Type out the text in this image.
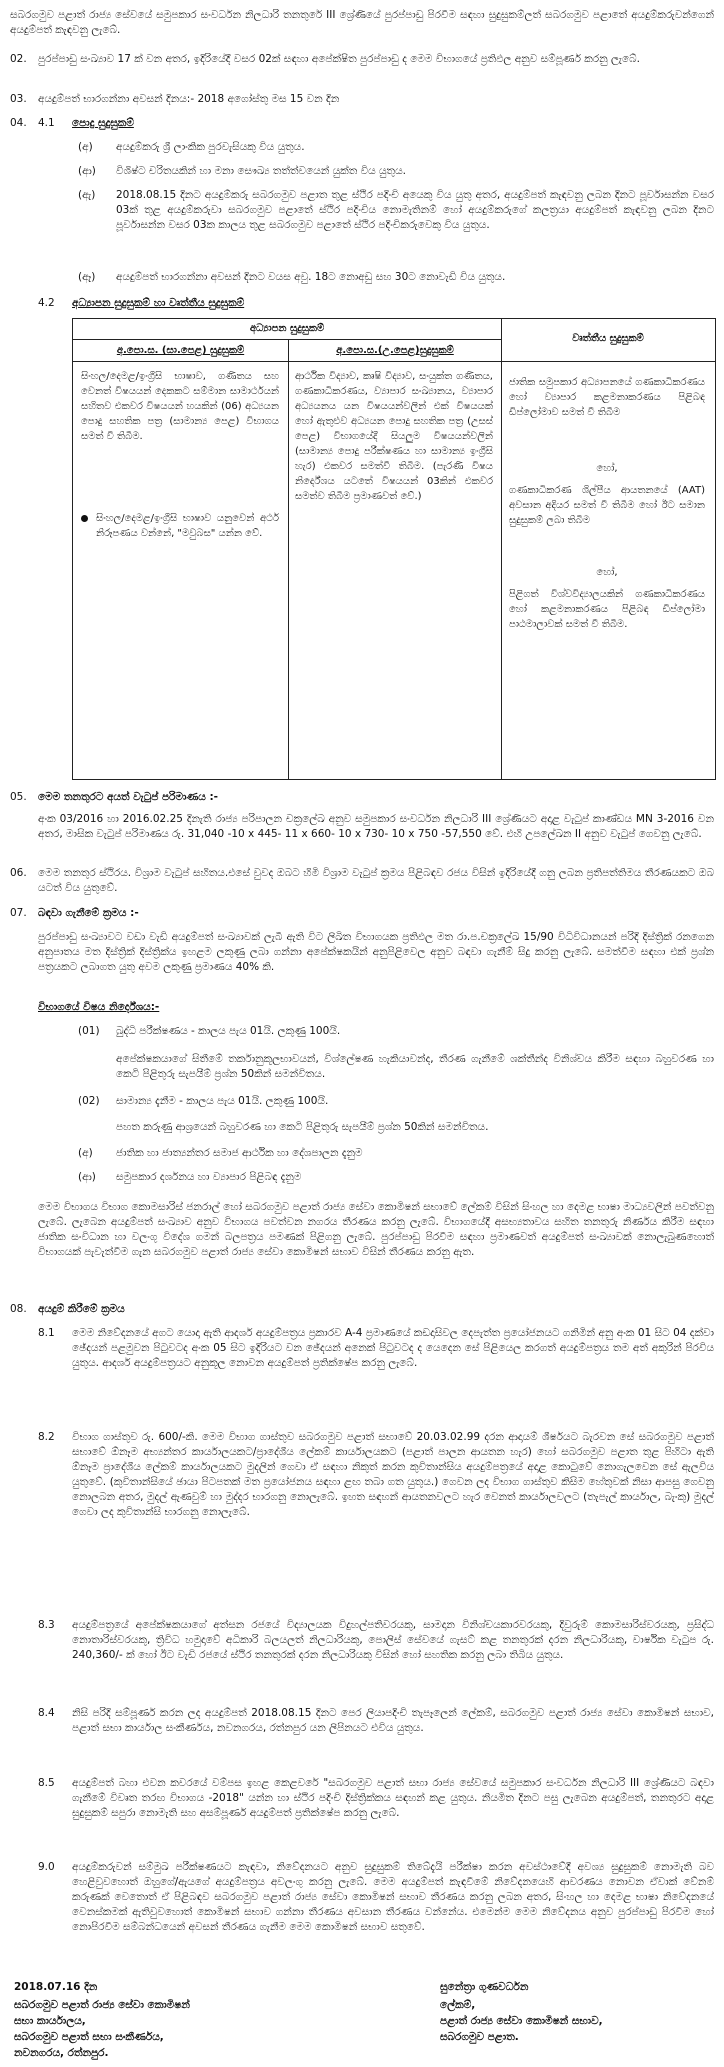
සබරගමුව පළාත් රාජ්‍ය සේවයේ සමුපකාර සංවර්ධන නිලධාරි තනතුරේ III ශ්‍රේණියේ පුරප්පාඩු පිරවීම සඳහා සුදුසුකම්ලත් සබරගමුව පළාතේ අයදුම්කරුවන්ගෙන් අයදුම්පත් කැඳවනු ලැබේ.
02. පුරප්පාඩු සංඛ්‍යාව 17 ක් වන අතර, ඉදිරියේදී වසර 02ක් සඳහා අපේක්ෂිත පුරප්පාඩු ද මෙම විභාගයේ ප්‍රතිඵල අනුව සම්පූර්ණ කරනු ලැබේ.
03. අයදුම්පත් භාරගන්නා අවසන් දිනය:- 2018 අගෝස්තු මස 15 වන දින
04. 4.1 පොදු සුදුසුකම්
(අ) අයදුම්කරු ශ්‍රී ලාංකික පුරවැසියකු විය යුතුය.
(ආ) විශිෂ්ට චරිතයකින් හා මනා සෞඛ්‍ය තත්ත්වයෙන් යුක්ත විය යුතුය.
(ඇ) 2018.08.15 දිනට අයදුම්කරු සබරගමුව පළාත තුළ ස්ථිර පදිංචි අයෙකු විය යුතු අතර, අයදුම්පත් කැඳවනු ලබන දිනට පූර්වාසන්න වසර 03ක් තුළ අයදුම්කරුවා සබරගමුව පළාතේ ස්ථිර පදිංචිය නොමැතිනම් හෝ අයදුම්කරුගේ කලත්‍රයා අයදුම්පත් කැඳවනු ලබන දිනට පූර්වාසන්න වසර 03ක කාලය තුළ සබරගමුව පළාතේ ස්ථිර පදිංචිකරුවෙකු විය යුතුය.
(ඈ) අයදුම්පත් භාරගන්නා අවසන් දිනට වයස අවු. 18ට නොඅඩු සහ 30ට නොවැඩි විය යුතුය.
4.2 අධ්‍යාපන සුදුසුකම් හා වෘත්තීය සුදුසුකම්
අධ්‍යාපන සුදුසුකම්
වෘත්තීය සුදුසුකම්
අ.පො.ස. (සා.පෙළ) සුදුසුකම්	අ.පො.ස.(උ.පෙළ)සුදුසුකම්
සිංහල/දෙමළ/ඉංග්‍රීසි භාෂාව, ගණිතය සහ වෙනත් විෂයයන් දෙකකට සම්මාන සාමාර්ථයන් සහිතව එකවර විෂයයන් හයකින් (06) අධ්‍යයන පොදු සහතික පත්‍ර (සාමාන්‍ය පෙළ) විභාගය සමත් වී තිබීම.
සිංහල/දෙමළ/ඉංග්‍රීසි භාෂාව යනුවෙන් අර්ථ නිරූපණය වන්නේ, "මවුබස" යන්න වේ.
ආර්ථික විද්‍යාව, කෘෂි විද්‍යාව, සංයුක්ත ගණිතය, ගණකාධිකරණය, ව්‍යාපාර සංඛ්‍යානය, ව්‍යාපාර අධ්‍යයනය යන විෂයයන්වලින් එක් විෂයයක් හෝ ඇතුළුව අධ්‍යයන පොදු සහතික පත්‍ර (උසස් පෙළ) විභාගයේදී සියලුම විෂයයන්වලින් (සාමාන්‍ය පොදු පරීක්ෂණය හා සාමාන්‍ය ඉංග්‍රීසි හැර) එකවර සමත්වී තිබීම. (පැරණි විෂය නිර්දේශය යටතේ විෂයයන් 03කින් එකවර සමත්ව තිබීම ප්‍රමාණවත් වේ.)
ජාතික සමුපකාර අධ්‍යාපනයේ ගණකාධිකරණය හෝ ව්‍යාපාර කළමනාකරණය පිළිබඳ ඩිප්ලෝමාව සමත් වී තිබීම
හෝ,
ගණකාධිකරණ ශිල්පීය ආයතනයේ (AAT) අවසාන අදියර සමත් වී තිබීම හෝ ඊට සමාන සුදුසුකම් ලබා තිබීම
හෝ,
පිළිගත් විශ්වවිද්‍යාලයකින් ගණකාධිකරණය හෝ කළමනාකරණය පිළිබඳ ඩිප්ලෝමා පාඨමාලාවක් සමත් වී තිබීම.
05. මෙම තනතුරට අයත් වැටුප් පරිමාණය :-
අංක 03/2016 හා 2016.02.25 දිනැති රාජ්‍ය පරිපාලන චක්‍රලේඛ අනුව සමුපකාර සංවර්ධන නිලධාරි III ශ්‍රේණියට අදාළ වැටුප් කාණ්ඩය MN 3-2016 වන අතර, මාසික වැටුප් පරිමාණය රු. 31,040 -10 x 445- 11 x 660- 10 x 730- 10 x 750 -57,550 වේ. එහි උපලේඛන II අනුව වැටුප් ගෙවනු ලැබේ.
06. මෙම තනතුර ස්ථිරය. විශ්‍රාම වැටුප් සහිතය.එසේ වුවද ඔබට හිමි විශ්‍රාම වැටුප් ක්‍රමය පිළිබඳව රජය විසින් ඉදිරියේදී ගනු ලබන ප්‍රතිපත්තිමය තීරණයකට ඔබ යටත් විය යුතුවේ.
07. බඳවා ගැනීමේ ක්‍රමය :-
පුරප්පාඩු සංඛ්‍යාවට වඩා වැඩි අයදුම්පත් සංඛ්‍යාවක් ලැබී ඇති විට ලිඛිත විභාගයක ප්‍රතිඵල මත රා.ප.චක්‍රලේඛ 15/90 විධිවිධානයන් පරිදි දිස්ත්‍රික් රනගෙන අනුපාතය මත දිස්ත්‍රික් දිස්ත්‍රික්ය ඉහළම ලකුණු ලබා ගන්නා අපේක්ෂකයින් අනුපිළිවෙල අනුව බඳවා ගැනීම් සිදු කරනු ලැබේ. සමත්වීම සඳහා එක් ප්‍රශ්න පත්‍රයකට ලබාගත යුතු අවම ලකුණු ප්‍රමාණය 40% කි.
විභාගයේ විෂය නිර්දේශය:-
(01) බුද්ධි පරීක්ෂණය - කාලය පැය 01යි. ලකුණු 100යි.
අපේක්ෂකයාගේ සිතීමේ තර්කානුකූලභාවයන්, විශ්ලේෂණ හැකියාවන්ද, තීරණ ගැනීමේ ශක්තීන්ද විනිශ්චය කිරීම සඳහා බහුවරණ හා කෙටි පිළිතුරු සැපයීම් ප්‍රශ්න 50කින් සමන්විතය.
(02) සාමාන්‍ය දැනීම - කාලය පැය 01යි. ලකුණු 100යි.
පහත කරුණු ආශ්‍රයෙන් බහුවරණ හා කෙටි පිළිතුරු සැපයීම් ප්‍රශ්න 50කින් සමන්විතය.
(අ) ජාතික හා ජාත්‍යන්තර සමාජ ආර්ථික හා දේශපාලන දැනුම
(ආ) සමුපකාර දර්ශනය හා ව්‍යාපාර පිළිබඳ දැනුම
මෙම විභාගය විභාග කොමසාරිස් ජනරාල් හෝ සබරගමුව පළාත් රාජ්‍ය සේවා කොමිෂන් සභාවේ ලේකම් විසින් සිංහල හා දෙමළ භාෂා මාධ්‍යවලින් පවත්වනු ලැබේ. ලැබෙන අයදුම්පත් සංඛ්‍යාව අනුව විභාගය පවත්වන නගරය තීරණය කරනු ලැබේ. විභාගයේදී අසභ්‍යතාවය සහිත තනතුරු නිර්ණය කිරීම සඳහා ජාතික සංවිධාන හා වලංගු විදේශ ගමන් බලපත්‍රය පමණක් පිළිගනු ලැබේ. පුරප්පාඩු පිරවීම සඳහා ප්‍රමාණවත් අයදුම්පත් සංඛ්‍යාවක් නොලැබුණහොත් විභාගයක් පැවැත්වීම ගැන සබරගමුව පළාත් රාජ්‍ය සේවා කොමිෂන් සභාව විසින් තීරණය කරනු ඇත.
08. අයදුම් කිරීමේ ක්‍රමය
8.1 මෙම නිවේදනයේ අගට යොදා ඇති ආදර්ශ අයදුම්පත්‍රය ප්‍රකාරව A-4 ප්‍රමාණයේ කඩදාසිවල දෙපැත්ත ප්‍රයෝජනයට ගනිමින් අනු අංක 01 සිට 04 දක්වා ඡේදයන් පළමුවන පිටුවටද අංක 05 සිට ඉදිරියට වන ඡේදයන් අනෙක් පිටුවටද ද යෙදෙන සේ පිළියෙල කරගත් අයදුම්පත්‍රය තම අත් අකුරින් පිරවිය යුතුය. ආදර්ශ අයදුම්පත්‍රයට අනුකූල නොවන අයදුම්පත් ප්‍රතික්ෂේප කරනු ලැබේ.
8.2 විභාග ගාස්තුව රු. 600/-කි. මෙම විභාග ගාස්තුව සබරගමුව පළාත් සභාවේ 20.03.02.99 දරන ආදායම් ශීර්ෂයට බැරවන සේ සබරගමුව පළාත් සභාවේ ඕනෑම අභ්‍යන්තර කාර්යාලයකට/ප්‍රාදේශීය ලේකම් කාර්යාලයකට (පළාත් පාලන ආයතන හැර) හෝ සබරගමුව පළාත තුළ පිහිටා ඇති ඕනෑම ප්‍රාදේශීය ලේකම් කාර්යාලයකට මුදලින් ගෙවා ඒ සඳහා නිකුත් කරන කුවිතාන්සිය අයදුම්පත්‍රයේ අදාළ කොටුවේ නොගැලවෙන සේ ඇලවිය යුතුවේ. (කුවිතාන්සියේ ඡායා පිටපතක් මත ප්‍රයෝජනය සඳහා ළඟ තබා ගත යුතුය.) ගෙවන ලද විභාග ගාස්තුව කිසිම හේතුවක් නිසා ආපසු ගෙවනු නොලබන අතර, මුදල් ඇණවුම් හා මුද්දර භාරගනු නොලැබේ. ඉහත සඳහන් ආයතනවලට හැර වෙනත් කාර්යාලවලට (තැපැල් කාර්යාල, බැංකු) මුදල් ගෙවා ලද කුවිතාන්සි භාරගනු නොලැබේ.
8.3 අයදුම්පත්‍රයේ අපේක්ෂකයාගේ අත්සන රජයේ විද්‍යාලයක විදුහල්පතිවරයකු, සාමදාන විනිශ්චයකාරවරයකු, දිවුරුම් කොමසාරිස්වරයකු, ප්‍රසිද්ධ නොතාරිස්වරයකු, ත්‍රිවිධ හමුදාවේ අධිකාරි බලයලත් නිලධාරියකු, පොලිස් සේවයේ ගැසට් කළ තනතුරක් දරන නිලධාරියකු, වාර්ෂික වැටුප රු. 240,360/- ක් හෝ ඊට වැඩි රජයේ ස්ථිර තනතුරක් දරන නිලධාරියකු විසින් හෝ සහතික කරනු ලබා තිබිය යුතුය.
8.4 නිසි පරිදි සම්පූර්ණ කරන ලද අයදුම්පත් 2018.08.15 දිනට පෙර ලියාපදිංචි තැපෑලෙන් ලේකම්, සබරගමුව පළාත් රාජ්‍ය සේවා කොමිෂන් සභාව, පළාත් සභා කාර්යාල සංකීර්ණය, නවනගරය, රත්නපුර යන ලිපිනයට එවිය යුතුය.
8.5 අයදුම්පත් බහා එවන කවරයේ වම්පස ඉහළ කෙළවරේ "සබරගමුව පළාත් සභා රාජ්‍ය සේවයේ සමුපකාර සංවර්ධන නිලධාරි III ශ්‍රේණියට බඳවා ගැනීමේ විවෘත තරඟ විභාගය -2018" යන්න හා ස්ථිර පදිංචි දිස්ත්‍රික්කය සඳහන් කළ යුතුය. නියමිත දිනට පසු ලැබෙන අයදුම්පත්, තනතුරට අදාළ සුදුසුකම් සපුරා නොමැති සහ අසම්පූර්ණ අයදුම්පත් ප්‍රතික්ෂේප කරනු ලැබේ.
9.0 අයදුම්කරුවන් සම්මුඛ පරීක්ෂණයට කැඳවා, නිවේදනයට අනුව සුදුසුකම් තිබේදැයි පරීක්ෂා කරන අවස්ථාවේදී අවශ්‍ය සුදුසුකම් නොමැති බව හෙළිවුවහොත් ඔහුගේ/ඇයගේ අයදුම්පත්‍රය අවලංගු කරනු ලැබේ. මෙම අයදුම්පත් කැඳවීමේ නිවේදනයෙහි ආවරණය නොවන ඒවාක් වේනම් කරුණක් වෙතොත් ඒ පිළිබඳව සබරගමුව පළාත් රාජ්‍ය සේවා කොමිෂන් සභාව තීරණය කරනු ලබන අතර, සිංහල හා දෙමළ භාෂා නිවේදනයේ වෙනස්කමක් ඇතිවුවහොත් කොමිෂන් සභාව ගන්නා තීරණය අවසාන තීරණය වන්නේය. එමෙන්ම මෙම නිවේදනය අනුව පුරප්පාඩු පිරවීම හෝ නොපිරවීම සම්බන්ධයෙන් අවසන් තීරණය ගැනීම මෙම කොමිෂන් සභාව සතුවේ.
2018.07.16 දින
සබරගමුව පළාත් රාජ්‍ය සේවා කොමිෂන්
සභා කාර්යාලය,
සබරගමුව පළාත් සභා සංකීර්ණය,
නවනගරය, රත්නපුර.
සුනේත්‍රා ගුණවර්ධන
ලේකම්,
පළාත් රාජ්‍ය සේවා කොමිෂන් සභාව,
සබරගමුව පළාත.
